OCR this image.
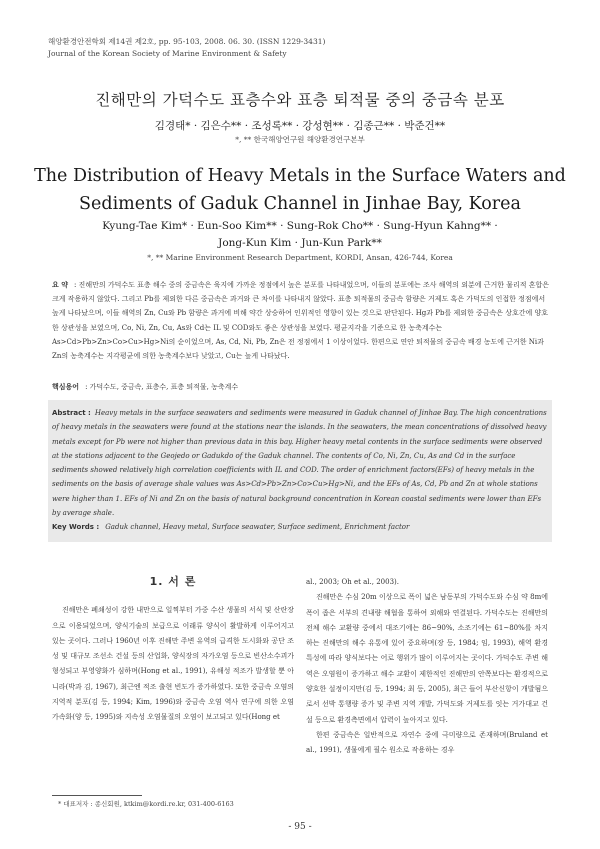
해양환경안전학회 제14권 제2호, pp. 95-103, 2008. 06. 30. (ISSN 1229-3431)
Journal of the Korean Society of Marine Environment & Safety
진해만의 가덕수도 표층수와 표층 퇴적물 중의 중금속 분포
김경태* · 김은수** · 조성록** · 강성현** · 김종근** · 박준건**
*, ** 한국해양연구원 해양환경연구본부
The Distribution of Heavy Metals in the Surface Waters and
Sediments of Gaduk Channel in Jinhae Bay, Korea
Kyung-Tae Kim* · Eun-Soo Kim** · Sung-Rok Cho** · Sung-Hyun Kahng** ·
Jong-Kun Kim · Jun-Kun Park**
*, ** Marine Environment Research Department, KORDI, Ansan, 426-744, Korea
요 약 : 진해만의 가덕수도 표층 해수 중의 중금속은 육지에 가까운 정점에서 높은 분포를 나타내었으며, 이들의 분포에는 조사 해역의 외분에 근거한 물리적 혼합은 크게 작용하지 않았다. 그리고 Pb를 제외한 다른 중금속은 과거와 큰 차이를 나타내지 않았다. 표층 퇴적물의 중금속 함량은 거제도 혹은 가덕도의 인접한 정점에서 높게 나타났으며, 이들 해역의 Zn, Cu와 Pb 함량은 과거에 비해 약간 상승하여 인위적인 영향이 있는 것으로 판단된다. Hg과 Pb를 제외한 중금속은 상호간에 양호한 상관성을 보였으며, Co, Ni, Zn, Cu, As와 Cd는 IL 및 COD와도 좋은 상관성을 보였다. 평균지각을 기준으로 한 농축계수는 As>Cd>Pb>Zn>Co>Cu>Hg>Ni의 순이었으며, As, Cd, Ni, Pb, Zn은 전 정점에서 1 이상이었다. 한편으로 연안 퇴적물의 중금속 배경 농도에 근거한 Ni과 Zn의 농축계수는 지각평균에 의한 농축계수보다 낮았고, Cu는 높게 나타났다.
핵심용어 : 가덕수도, 중금속, 표층수, 표층 퇴적물, 농축계수
Abstract : Heavy metals in the surface seawaters and sediments were measured in Gaduk channel of Jinhae Bay. The high concentrations of heavy metals in the seawaters were found at the stations near the islands. In the seawaters, the mean concentrations of dissolved heavy metals except for Pb were not higher than previous data in this bay. Higher heavy metal contents in the surface sediments were observed at the stations adjacent to the Geojedo or Gadukdo of the Gaduk channel. The contents of Co, Ni, Zn, Cu, As and Cd in the surface sediments showed relatively high correlation coefficients with IL and COD. The order of enrichment factors(EFs) of heavy metals in the sediments on the basis of average shale values was As>Cd>Pb>Zn>Co>Cu>Hg>Ni, and the EFs of As, Cd, Pb and Zn at whole stations were higher than 1. EFs of Ni and Zn on the basis of natural background concentration in Korean coastal sediments were lower than EFs by average shale.
Key Words : Gaduk channel, Heavy metal, Surface seawater, Surface sediment, Enrichment factor
1. 서 론

진해만은 폐쇄성이 강한 내만으로 일찍부터 가중 수산 생물의 서식 및 산란장으로 이용되었으며, 양식기술의 보급으로 이래류 양식이 활발하게 이루어지고 있는 곳이다. 그러나 1960년 이후 진해만 주변 유역의 급격한 도시화와 공단 조성 및 대규모 조선소 건설 등의 산업화, 양식장의 자가오염 등으로 빈산소수괴가 형성되고 부영양화가 심하며(Hong et al., 1991), 유해성 적조가 발생할 뿐 아니라(박과 김, 1967), 최근엔 적조 출현 빈도가 증가하였다. 또한 중금속 오염의 지역적 분포(김 등, 1994; Kim, 1996)와 중금속 오염 역사 연구에 의한 오염 가속화(양 등, 1995)와 지속성 오염물질의 오염이 보고되고 있다(Hong et

al., 2003; Oh et al., 2003).

진해만은 수심 20m 이상으로 폭이 넓은 남동부의 가덕수도와 수심 약 8m에 폭이 좁은 서부의 견내량 해협을 통하여 외해와 연결된다. 가덕수도는 진해만의 전체 해수 교환량 중에서 대조기에는 86~90%, 소조기에는 61~80%를 차지하는 진해만의 해수 유통에 있어 중요하며(장 등, 1984; 임, 1993), 해역 환경 특성에 따라 양식보다는 어로 행위가 많이 이루어지는 곳이다. 가덕수도 주변 해역은 오염원이 증가하고 해수 교환이 제한적인 진해만의 안쪽보다는 환경적으로 양호한 설정이지만(김 등, 1994; 최 등, 2005), 최근 들어 부산신항이 개발됨으로서 선박 통행량 증가 및 주변 지역 개발, 가덕도와 거제도를 잇는 거가대교 건설 등으로 환경측면에서 압력이 높아지고 있다.

한편 중금속은 일반적으로 자연수 중에 극미량으로 존재하며(Bruland et al., 1991), 생물에게 필수 원소로 작용하는 경우

* 대표저자 : 종신회원, ktkim@kordi.re.kr, 031-400-6163
- 95 -
